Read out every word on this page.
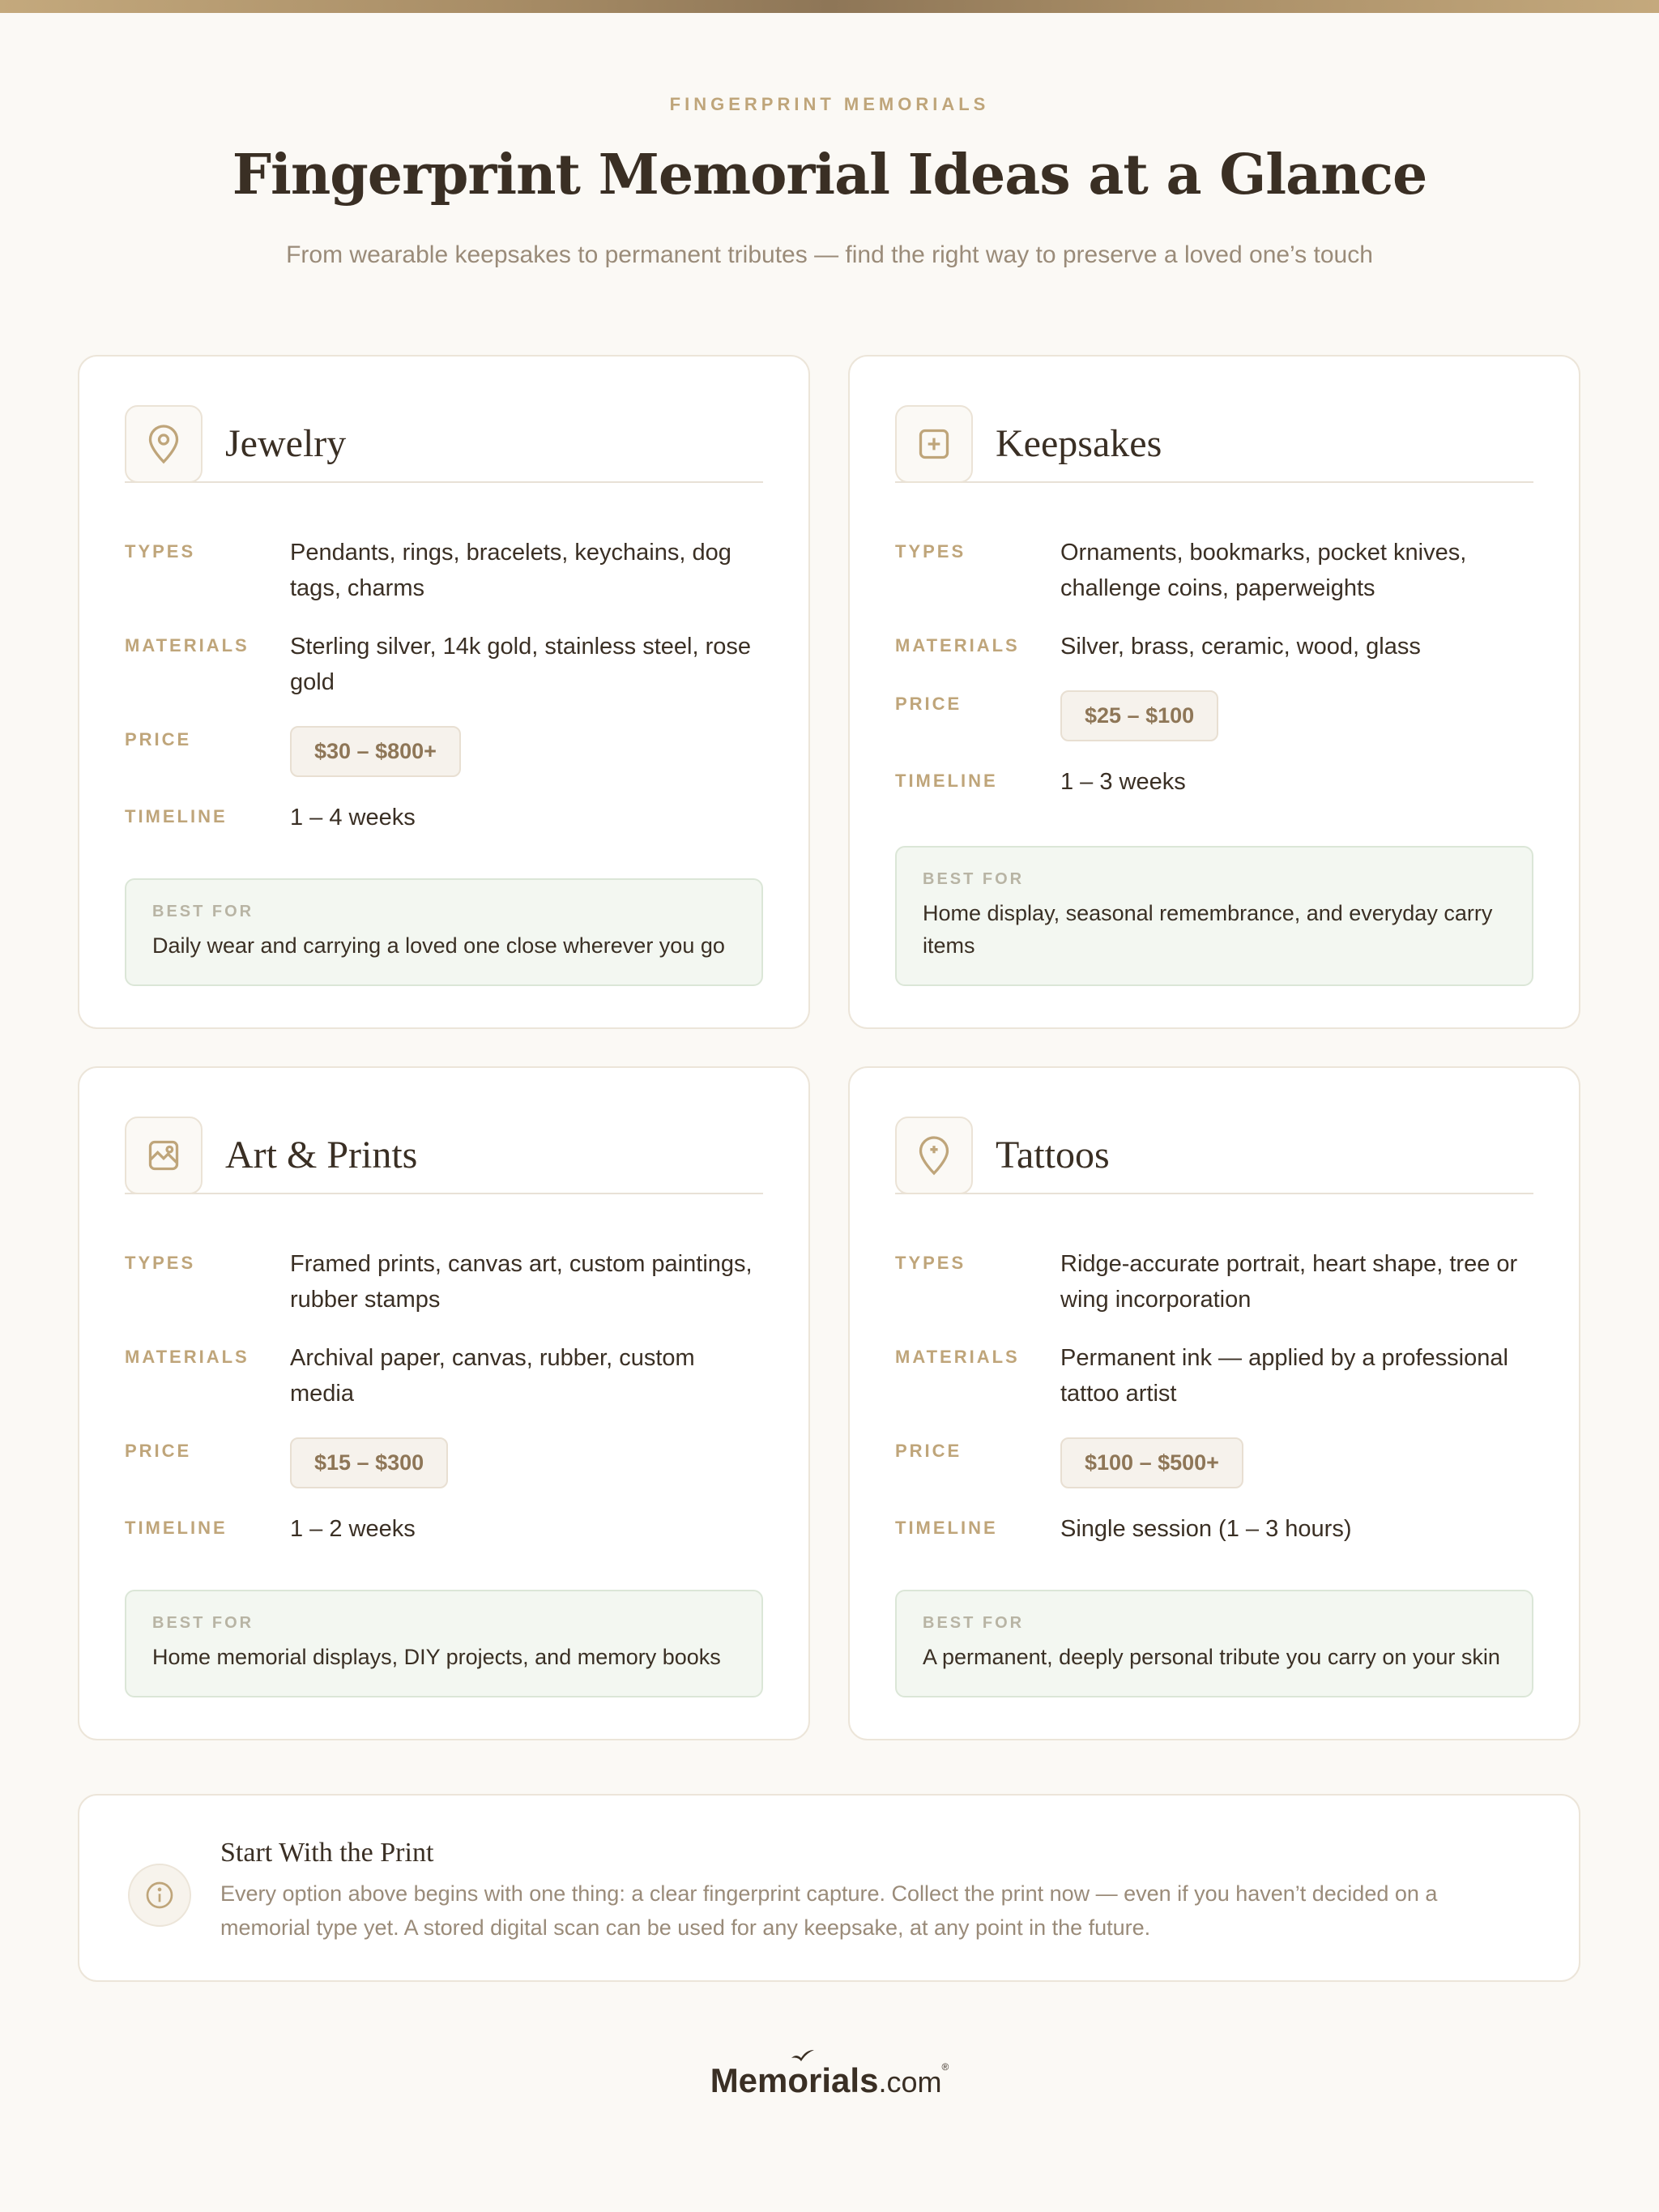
FINGERPRINT MEMORIALS
Fingerprint Memorial Ideas at a Glance
From wearable keepsakes to permanent tributes — find the right way to preserve a loved one’s touch
Jewelry
TYPES	Pendants, rings, bracelets, keychains, dog tags, charms
MATERIALS	Sterling silver, 14k gold, stainless steel, rose gold
PRICE	$30 – $800+
TIMELINE	1 – 4 weeks
BEST FOR
Daily wear and carrying a loved one close wherever you go
Keepsakes
TYPES	Ornaments, bookmarks, pocket knives, challenge coins, paperweights
MATERIALS	Silver, brass, ceramic, wood, glass
PRICE	$25 – $100
TIMELINE	1 – 3 weeks
BEST FOR
Home display, seasonal remembrance, and everyday carry items
Art & Prints
TYPES	Framed prints, canvas art, custom paintings, rubber stamps
MATERIALS	Archival paper, canvas, rubber, custom media
PRICE	$15 – $300
TIMELINE	1 – 2 weeks
BEST FOR
Home memorial displays, DIY projects, and memory books
Tattoos
TYPES	Ridge-accurate portrait, heart shape, tree or wing incorporation
MATERIALS	Permanent ink — applied by a professional tattoo artist
PRICE	$100 – $500+
TIMELINE	Single session (1 – 3 hours)
BEST FOR
A permanent, deeply personal tribute you carry on your skin
Start With the Print
Every option above begins with one thing: a clear fingerprint capture. Collect the print now — even if you haven’t decided on a memorial type yet. A stored digital scan can be used for any keepsake, at any point in the future.
Memorials.com®
